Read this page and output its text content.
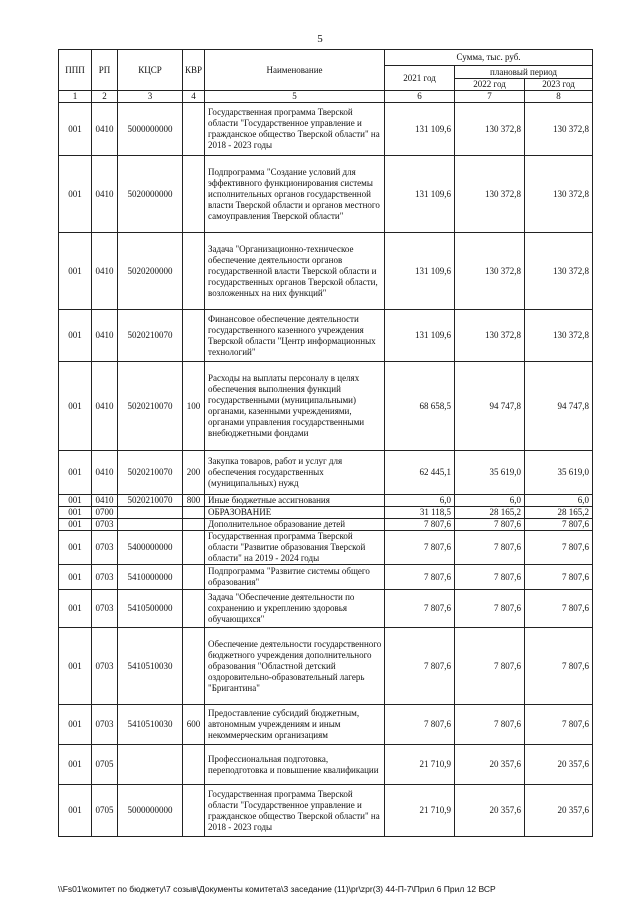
5
ППП	РП	КЦСР	КВР	Наименование	Сумма, тыс. руб.		
					2021 год	плановый период	
						2022 год	2023 год
1	2	3	4	5	6	7	8
001	0410	5000000000		Государственная программа Тверской области "Государственное управление и гражданское общество Тверской области" на 2018 - 2023 годы	131 109,6	130 372,8	130 372,8
001	0410	5020000000		Подпрограмма "Создание условий для эффективного функционирования системы исполнительных органов государственной власти Тверской области и органов местного самоуправления Тверской области"	131 109,6	130 372,8	130 372,8
001	0410	5020200000		Задача "Организационно-техническое обеспечение деятельности органов государственной власти Тверской области и государственных органов Тверской области, возложенных на них функций"	131 109,6	130 372,8	130 372,8
001	0410	5020210070		Финансовое обеспечение деятельности государственного казенного учреждения Тверской области "Центр информационных технологий"	131 109,6	130 372,8	130 372,8
001	0410	5020210070	100	Расходы на выплаты персоналу в целях обеспечения выполнения функций государственными (муниципальными) органами, казенными учреждениями, органами управления государственными внебюджетными фондами	68 658,5	94 747,8	94 747,8
001	0410	5020210070	200	Закупка товаров, работ и услуг для обеспечения государственных (муниципальных) нужд	62 445,1	35 619,0	35 619,0
001	0410	5020210070	800	Иные бюджетные ассигнования	6,0	6,0	6,0
001	0700			ОБРАЗОВАНИЕ	31 118,5	28 165,2	28 165,2
001	0703			Дополнительное образование детей	7 807,6	7 807,6	7 807,6
001	0703	5400000000		Государственная программа Тверской области "Развитие образования Тверской области" на 2019 - 2024 годы	7 807,6	7 807,6	7 807,6
001	0703	5410000000		Подпрограмма "Развитие системы общего образования"	7 807,6	7 807,6	7 807,6
001	0703	5410500000		Задача "Обеспечение деятельности по сохранению и укреплению здоровья обучающихся"	7 807,6	7 807,6	7 807,6
001	0703	5410510030		Обеспечение деятельности государственного бюджетного учреждения дополнительного образования "Областной детский оздоровительно-образовательный лагерь "Бригантина"	7 807,6	7 807,6	7 807,6
001	0703	5410510030	600	Предоставление субсидий бюджетным, автономным учреждениям и иным некоммерческим организациям	7 807,6	7 807,6	7 807,6
001	0705			Профессиональная подготовка, переподготовка и повышение квалификации	21 710,9	20 357,6	20 357,6
001	0705	5000000000		Государственная программа Тверской области "Государственное управление и гражданское общество Тверской области" на 2018 - 2023 годы	21 710,9	20 357,6	20 357,6
\\Fs01\комитет по бюджету\7 созыв\Документы комитета\3 заседание (11)\pr\zpr(3) 44-П-7\Прил 6 Прил 12 ВСР
